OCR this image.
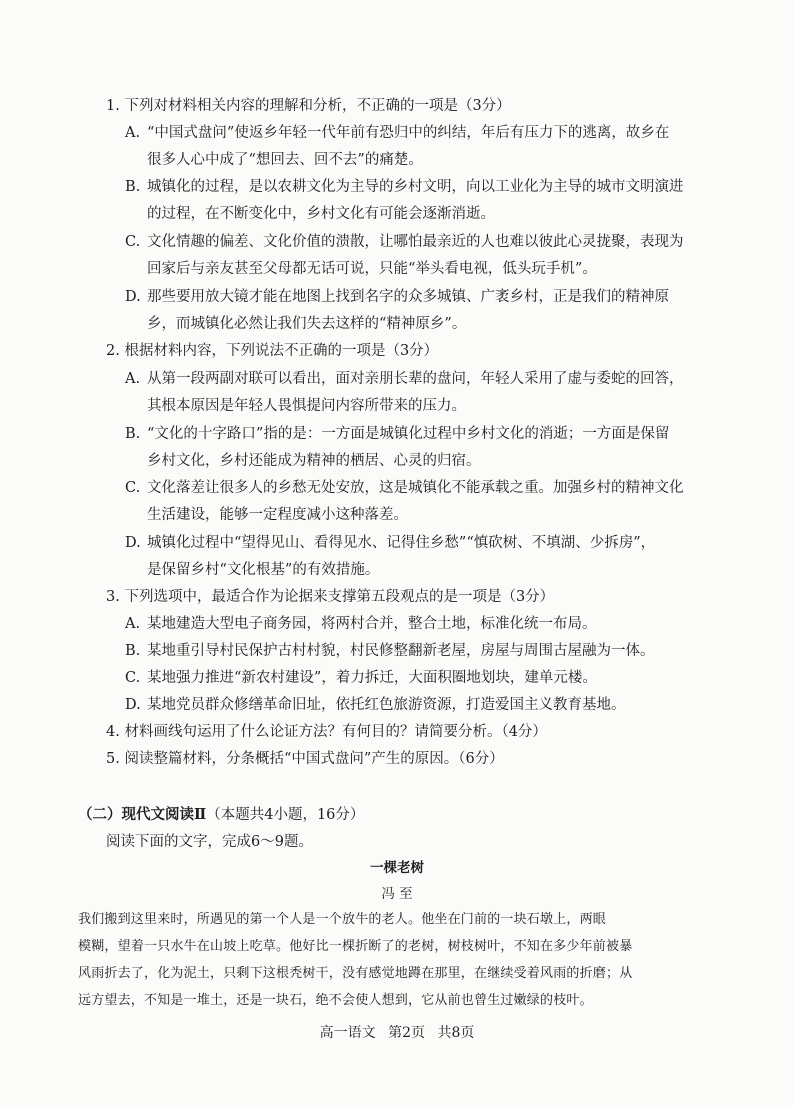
1. 下列对材料相关内容的理解和分析，不正确的一项是（3分）
A. “中国式盘问”使返乡年轻一代年前有恐归中的纠结，年后有压力下的逃离，故乡在
很多人心中成了“想回去、回不去”的痛楚。
B. 城镇化的过程，是以农耕文化为主导的乡村文明，向以工业化为主导的城市文明演进
的过程，在不断变化中，乡村文化有可能会逐渐消逝。
C. 文化情趣的偏差、文化价值的溃散，让哪怕最亲近的人也难以彼此心灵拢聚，表现为
回家后与亲友甚至父母都无话可说，只能“举头看电视，低头玩手机”。
D. 那些要用放大镜才能在地图上找到名字的众多城镇、广袤乡村，正是我们的精神原
乡，而城镇化必然让我们失去这样的“精神原乡”。
2. 根据材料内容，下列说法不正确的一项是（3分）
A. 从第一段两副对联可以看出，面对亲朋长辈的盘问，年轻人采用了虚与委蛇的回答，
其根本原因是年轻人畏惧提问内容所带来的压力。
B. “文化的十字路口”指的是：一方面是城镇化过程中乡村文化的消逝；一方面是保留
乡村文化，乡村还能成为精神的栖居、心灵的归宿。
C. 文化落差让很多人的乡愁无处安放，这是城镇化不能承载之重。加强乡村的精神文化
生活建设，能够一定程度减小这种落差。
D. 城镇化过程中“望得见山、看得见水、记得住乡愁”“慎砍树、不填湖、少拆房”，
是保留乡村“文化根基”的有效措施。
3. 下列选项中，最适合作为论据来支撑第五段观点的是一项是（3分）
A. 某地建造大型电子商务园，将两村合并，整合土地，标准化统一布局。
B. 某地重引导村民保护古村村貌，村民修整翻新老屋，房屋与周围古屋融为一体。
C. 某地强力推进“新农村建设”，着力拆迁，大面积圈地划块，建单元楼。
D. 某地党员群众修缮革命旧址，依托红色旅游资源，打造爱国主义教育基地。
4. 材料画线句运用了什么论证方法？有何目的？请简要分析。（4分）
5. 阅读整篇材料，分条概括“中国式盘问”产生的原因。（6分）
（二）现代文阅读Ⅱ（本题共4小题，16分）
阅读下面的文字，完成6～9题。
一棵老树
冯 至
我们搬到这里来时，所遇见的第一个人是一个放牛的老人。他坐在门前的一块石墩上，两眼
模糊，望着一只水牛在山坡上吃草。他好比一棵折断了的老树，树枝树叶，不知在多少年前被暴
风雨折去了，化为泥土，只剩下这根秃树干，没有感觉地蹲在那里，在继续受着风雨的折磨；从
远方望去，不知是一堆土，还是一块石，绝不会使人想到，它从前也曾生过嫩绿的枝叶。
高一语文 第2页 共8页
